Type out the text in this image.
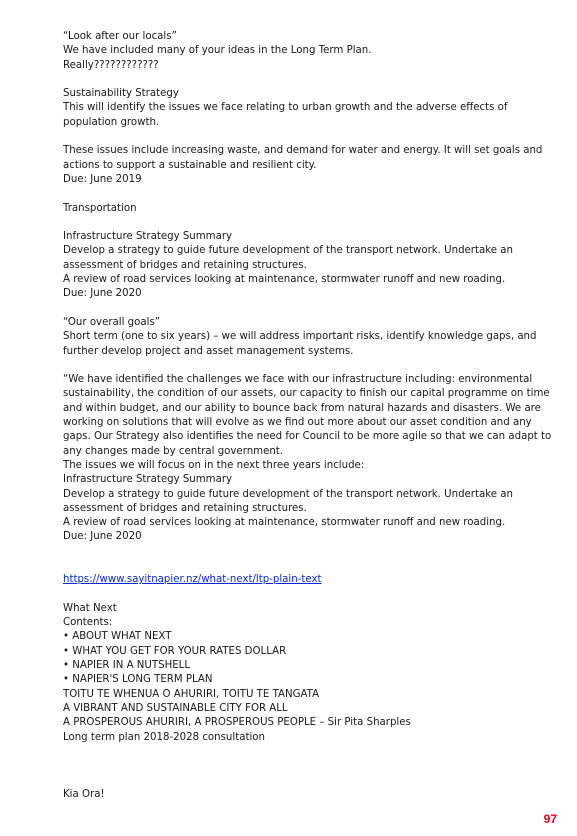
“Look after our locals”
We have included many of your ideas in the Long Term Plan.
Really????????????
Sustainability Strategy
This will identify the issues we face relating to urban growth and the adverse effects of
population growth.
These issues include increasing waste, and demand for water and energy. It will set goals and
actions to support a sustainable and resilient city.
Due: June 2019
Transportation
Infrastructure Strategy Summary
Develop a strategy to guide future development of the transport network. Undertake an
assessment of bridges and retaining structures.
A review of road services looking at maintenance, stormwater runoff and new roading.
Due: June 2020
“Our overall goals”
Short term (one to six years) – we will address important risks, identify knowledge gaps, and
further develop project and asset management systems.
“We have identified the challenges we face with our infrastructure including: environmental
sustainability, the condition of our assets, our capacity to finish our capital programme on time
and within budget, and our ability to bounce back from natural hazards and disasters. We are
working on solutions that will evolve as we find out more about our asset condition and any
gaps. Our Strategy also identifies the need for Council to be more agile so that we can adapt to
any changes made by central government.
The issues we will focus on in the next three years include:
Infrastructure Strategy Summary
Develop a strategy to guide future development of the transport network. Undertake an
assessment of bridges and retaining structures.
A review of road services looking at maintenance, stormwater runoff and new roading.
Due: June 2020
https://www.sayitnapier.nz/what-next/ltp-plain-text
What Next
Contents:
• ABOUT WHAT NEXT
• WHAT YOU GET FOR YOUR RATES DOLLAR
• NAPIER IN A NUTSHELL
• NAPIER'S LONG TERM PLAN
TOITU TE WHENUA O AHURIRI, TOITU TE TANGATA
A VIBRANT AND SUSTAINABLE CITY FOR ALL
A PROSPEROUS AHURIRI, A PROSPEROUS PEOPLE – Sir Pita Sharples
Long term plan 2018-2028 consultation
Kia Ora!
97
